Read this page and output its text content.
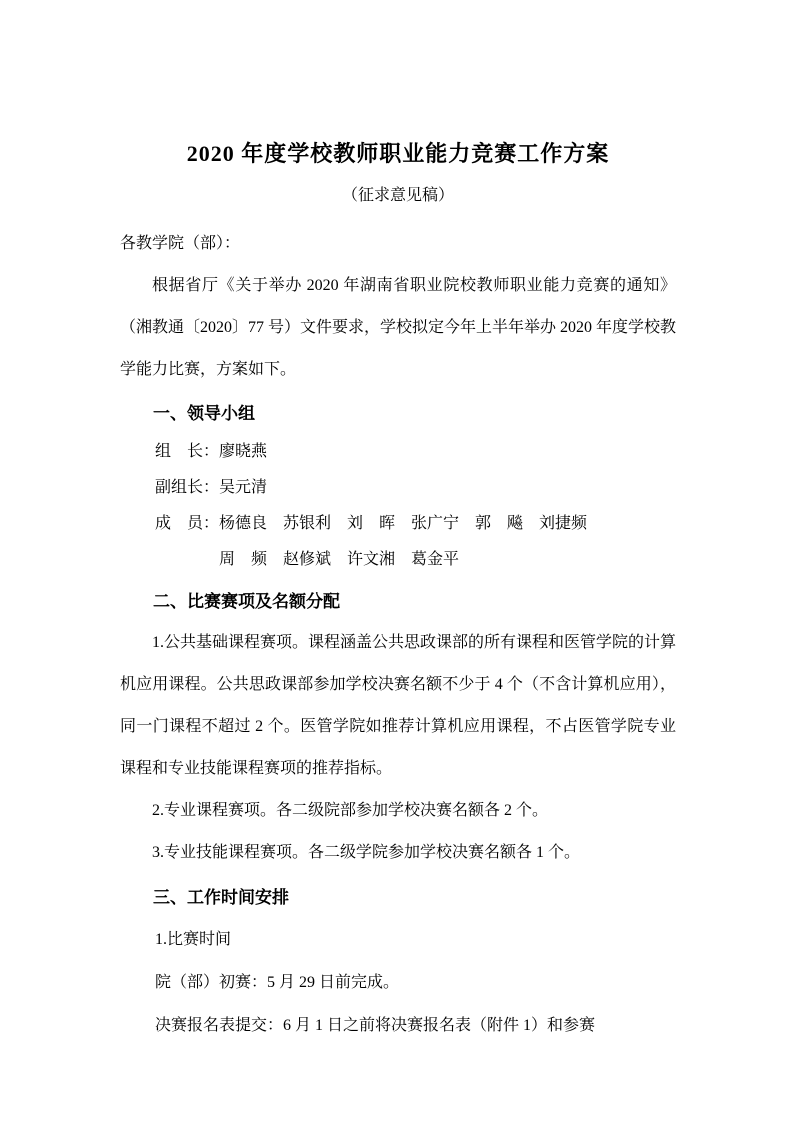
2020 年度学校教师职业能力竞赛工作方案
（征求意见稿）

各教学院（部）：

根据省厅《关于举办 2020 年湖南省职业院校教师职业能力竞赛的通知》（湘教通〔2020〕77 号）文件要求，学校拟定今年上半年举办 2020 年度学校教学能力比赛，方案如下。

一、领导小组
组　长： 廖晓燕
副组长： 吴元清
成　员： 杨德良　苏银利　刘　晖　张广宁　郭　飚　刘捷频
周　频　赵修斌　许文湘　葛金平
二、比赛赛项及名额分配

1.公共基础课程赛项。课程涵盖公共思政课部的所有课程和医管学院的计算机应用课程。公共思政课部参加学校决赛名额不少于 4 个（不含计算机应用），同一门课程不超过 2 个。医管学院如推荐计算机应用课程，不占医管学院专业课程和专业技能课程赛项的推荐指标。

2.专业课程赛项。各二级院部参加学校决赛名额各 2 个。

3.专业技能课程赛项。各二级学院参加学校决赛名额各 1 个。

三、工作时间安排

1.比赛时间

院（部）初赛：5 月 29 日前完成。

决赛报名表提交：6 月 1 日之前将决赛报名表（附件 1）和参赛
